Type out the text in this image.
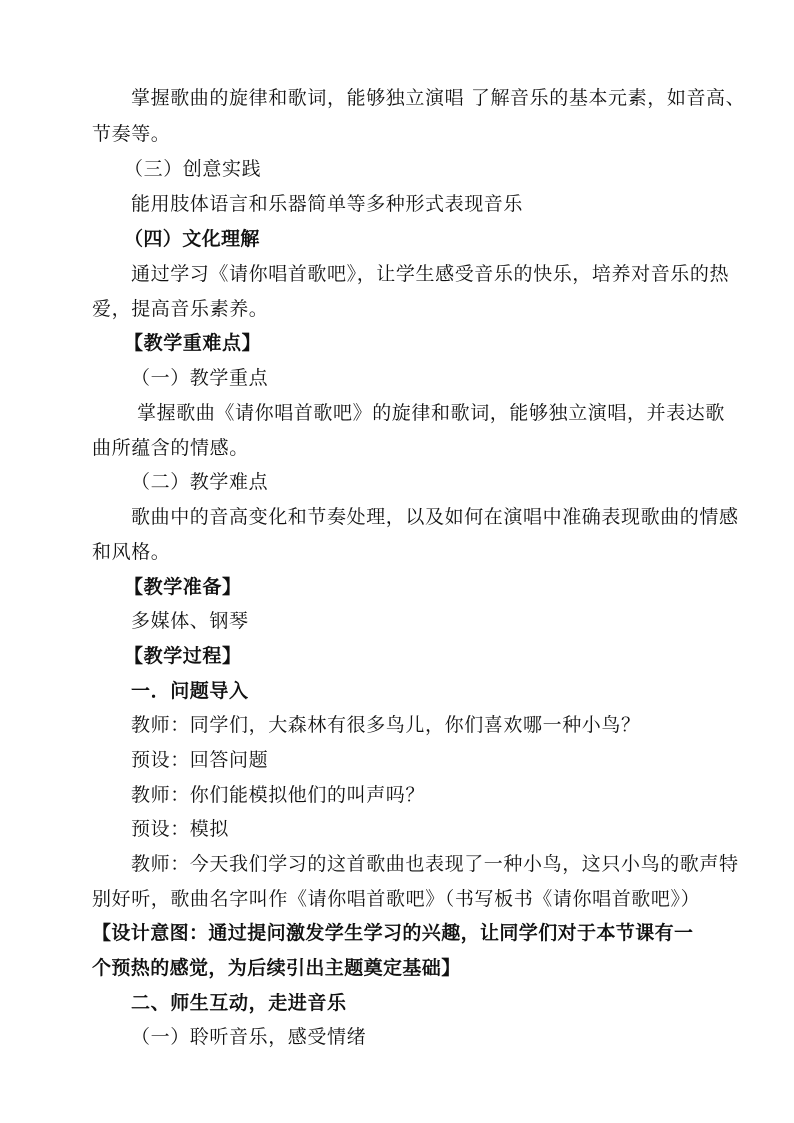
掌握歌曲的旋律和歌词，能够独立演唱 了解音乐的基本元素，如音高、
节奏等。
（三）创意实践
能用肢体语言和乐器简单等多种形式表现音乐
（四）文化理解
通过学习《请你唱首歌吧》，让学生感受音乐的快乐，培养对音乐的热
爱，提高音乐素养。
【教学重难点】
（一）教学重点
掌握歌曲《请你唱首歌吧》的旋律和歌词，能够独立演唱，并表达歌
曲所蕴含的情感。
（二）教学难点
歌曲中的音高变化和节奏处理，以及如何在演唱中准确表现歌曲的情感
和风格。
【教学准备】
多媒体、钢琴
【教学过程】
一．问题导入
教师：同学们，大森林有很多鸟儿，你们喜欢哪一种小鸟？
预设：回答问题
教师：你们能模拟他们的叫声吗？
预设：模拟
教师：今天我们学习的这首歌曲也表现了一种小鸟，这只小鸟的歌声特
别好听，歌曲名字叫作《请你唱首歌吧》（书写板书《请你唱首歌吧》）
【设计意图：通过提问激发学生学习的兴趣，让同学们对于本节课有一
个预热的感觉，为后续引出主题奠定基础】
二、师生互动，走进音乐
（一）聆听音乐，感受情绪
